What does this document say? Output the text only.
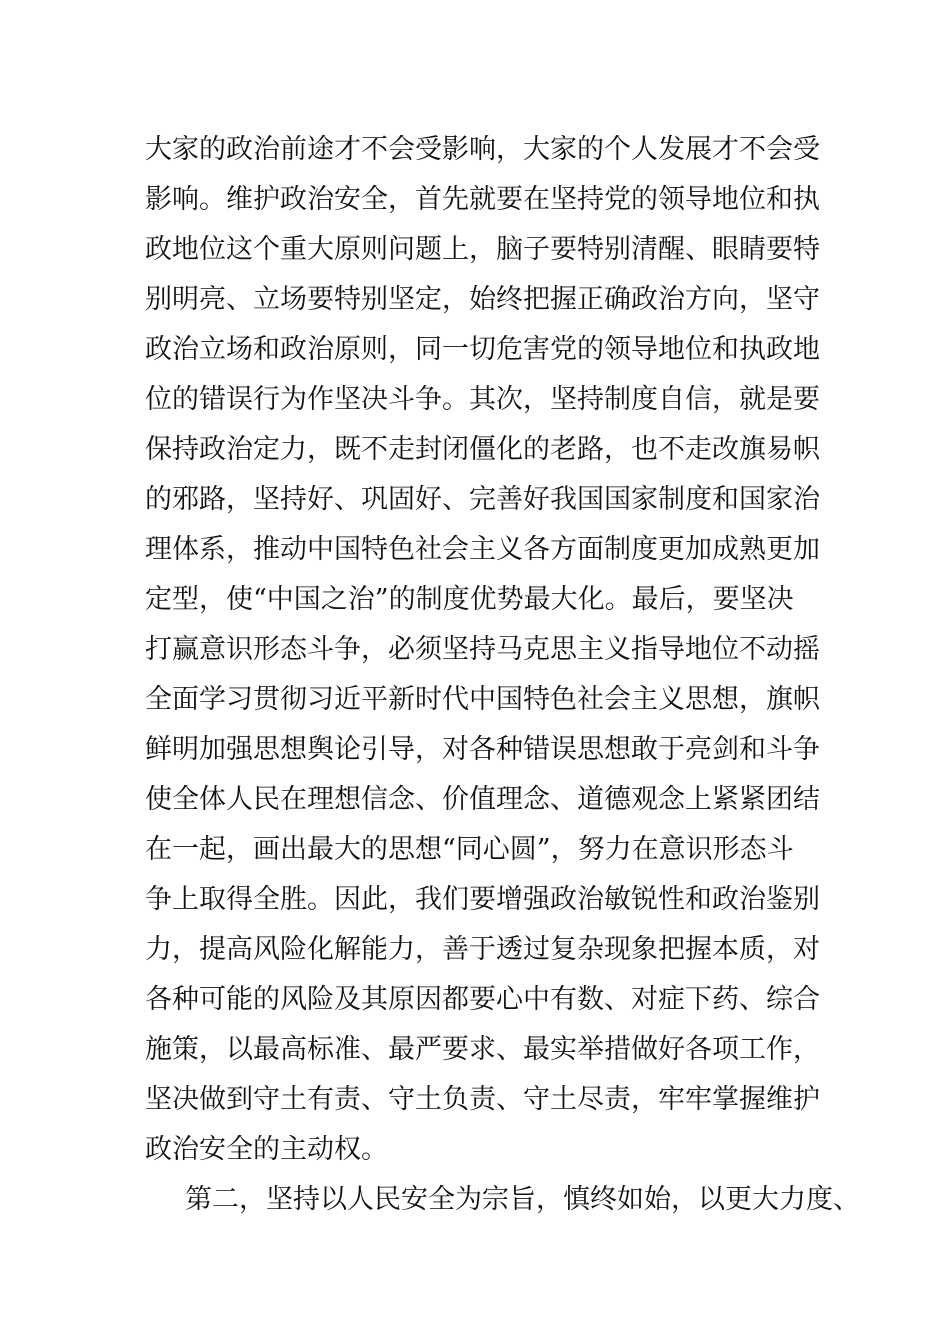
大家的政治前途才不会受影响，大家的个人发展才不会受
影响。维护政治安全，首先就要在坚持党的领导地位和执
政地位这个重大原则问题上，脑子要特别清醒、眼睛要特
别明亮、立场要特别坚定，始终把握正确政治方向，坚守
政治立场和政治原则，同一切危害党的领导地位和执政地
位的错误行为作坚决斗争。其次，坚持制度自信，就是要
保持政治定力，既不走封闭僵化的老路，也不走改旗易帜
的邪路，坚持好、巩固好、完善好我国国家制度和国家治
理体系，推动中国特色社会主义各方面制度更加成熟更加
定型，使“中国之治”的制度优势最大化。最后，要坚决
打赢意识形态斗争，必须坚持马克思主义指导地位不动摇
全面学习贯彻习近平新时代中国特色社会主义思想，旗帜
鲜明加强思想舆论引导，对各种错误思想敢于亮剑和斗争
使全体人民在理想信念、价值理念、道德观念上紧紧团结
在一起，画出最大的思想“同心圆”，努力在意识形态斗
争上取得全胜。因此，我们要增强政治敏锐性和政治鉴别
力，提高风险化解能力，善于透过复杂现象把握本质，对
各种可能的风险及其原因都要心中有数、对症下药、综合
施策，以最高标准、最严要求、最实举措做好各项工作，
坚决做到守土有责、守土负责、守土尽责，牢牢掌握维护
政治安全的主动权。
第二，坚持以人民安全为宗旨，慎终如始，以更大力度、
